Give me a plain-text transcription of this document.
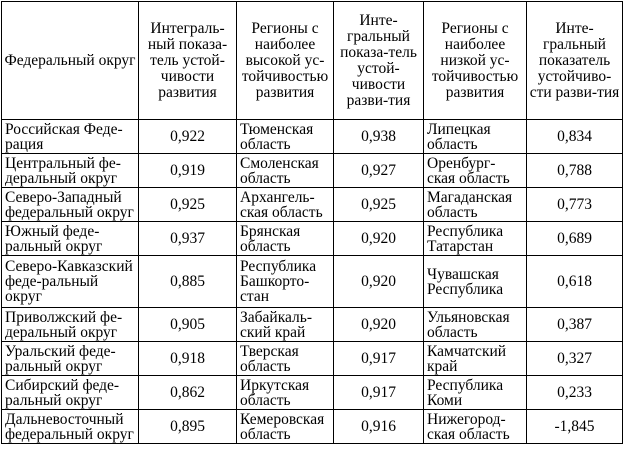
Федеральный округ	Интеграль-ный показа-тель устой-чивости развития	Регионы с наиболее высокой ус-тойчивостью развития	Инте-гральный показа-тель устой-чивости разви-тия	Регионы с наиболее низкой ус-тойчивостью развития	Инте-гральный показатель устойчиво-сти разви-тия
Российская Феде-рация	0,922	Тюменская область	0,938	Липецкая область	0,834
Центральный фе-деральный округ	0,919	Смоленская область	0,927	Оренбург-ская область	0,788
Северо-Западный федеральный округ	0,925	Архангель-ская область	0,925	Магаданская область	0,773
Южный феде-ральный округ	0,937	Брянская область	0,920	Республика Татарстан	0,689
Северо-Кавказский феде-ральный округ	0,885	Республика Башкорто-стан	0,920	Чувашская Республика	0,618
Приволжский фе-деральный округ	0,905	Забайкаль-ский край	0,920	Ульяновская область	0,387
Уральский феде-ральный округ	0,918	Тверская область	0,917	Камчатский край	0,327
Сибирский феде-ральный округ	0,862	Иркутская область	0,917	Республика Коми	0,233
Дальневосточный федеральный округ	0,895	Кемеровская область	0,916	Нижегород-ская область	-1,845
